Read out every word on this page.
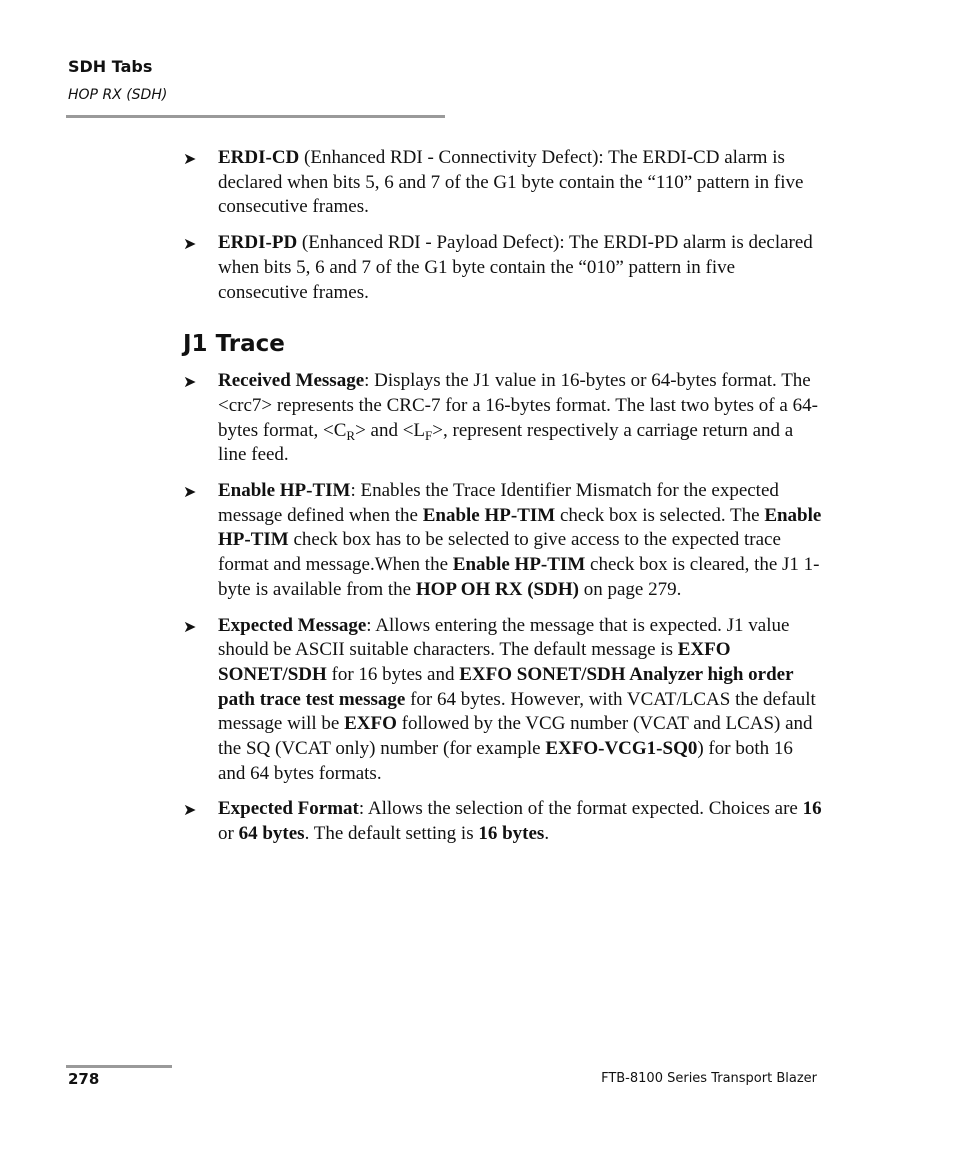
SDH Tabs
HOP RX (SDH)
➤ ERDI-CD (Enhanced RDI - Connectivity Defect): The ERDI-CD alarm is declared when bits 5, 6 and 7 of the G1 byte contain the “110” pattern in five consecutive frames.
➤ ERDI-PD (Enhanced RDI - Payload Defect): The ERDI-PD alarm is declared when bits 5, 6 and 7 of the G1 byte contain the “010” pattern in five consecutive frames.
J1 Trace
➤ Received Message: Displays the J1 value in 16-bytes or 64-bytes format. The <crc7> represents the CRC-7 for a 16-bytes format. The last two bytes of a 64-bytes format, $<C_R>$ and $<L_F>$, represent respectively a carriage return and a line feed.
➤ Enable HP-TIM: Enables the Trace Identifier Mismatch for the expected message defined when the Enable HP-TIM check box is selected. The Enable HP-TIM check box has to be selected to give access to the expected trace format and message.When the Enable HP-TIM check box is cleared, the J1 1-byte is available from the HOP OH RX (SDH) on page 279.
➤ Expected Message: Allows entering the message that is expected. J1 value should be ASCII suitable characters. The default message is EXFO SONET/SDH for 16 bytes and EXFO SONET/SDH Analyzer high order path trace test message for 64 bytes. However, with VCAT/LCAS the default message will be EXFO followed by the VCG number (VCAT and LCAS) and the SQ (VCAT only) number (for example EXFO-VCG1-SQ0) for both 16 and 64 bytes formats.
➤ Expected Format: Allows the selection of the format expected. Choices are 16 or 64 bytes. The default setting is 16 bytes.
278	FTB-8100 Series Transport Blazer
